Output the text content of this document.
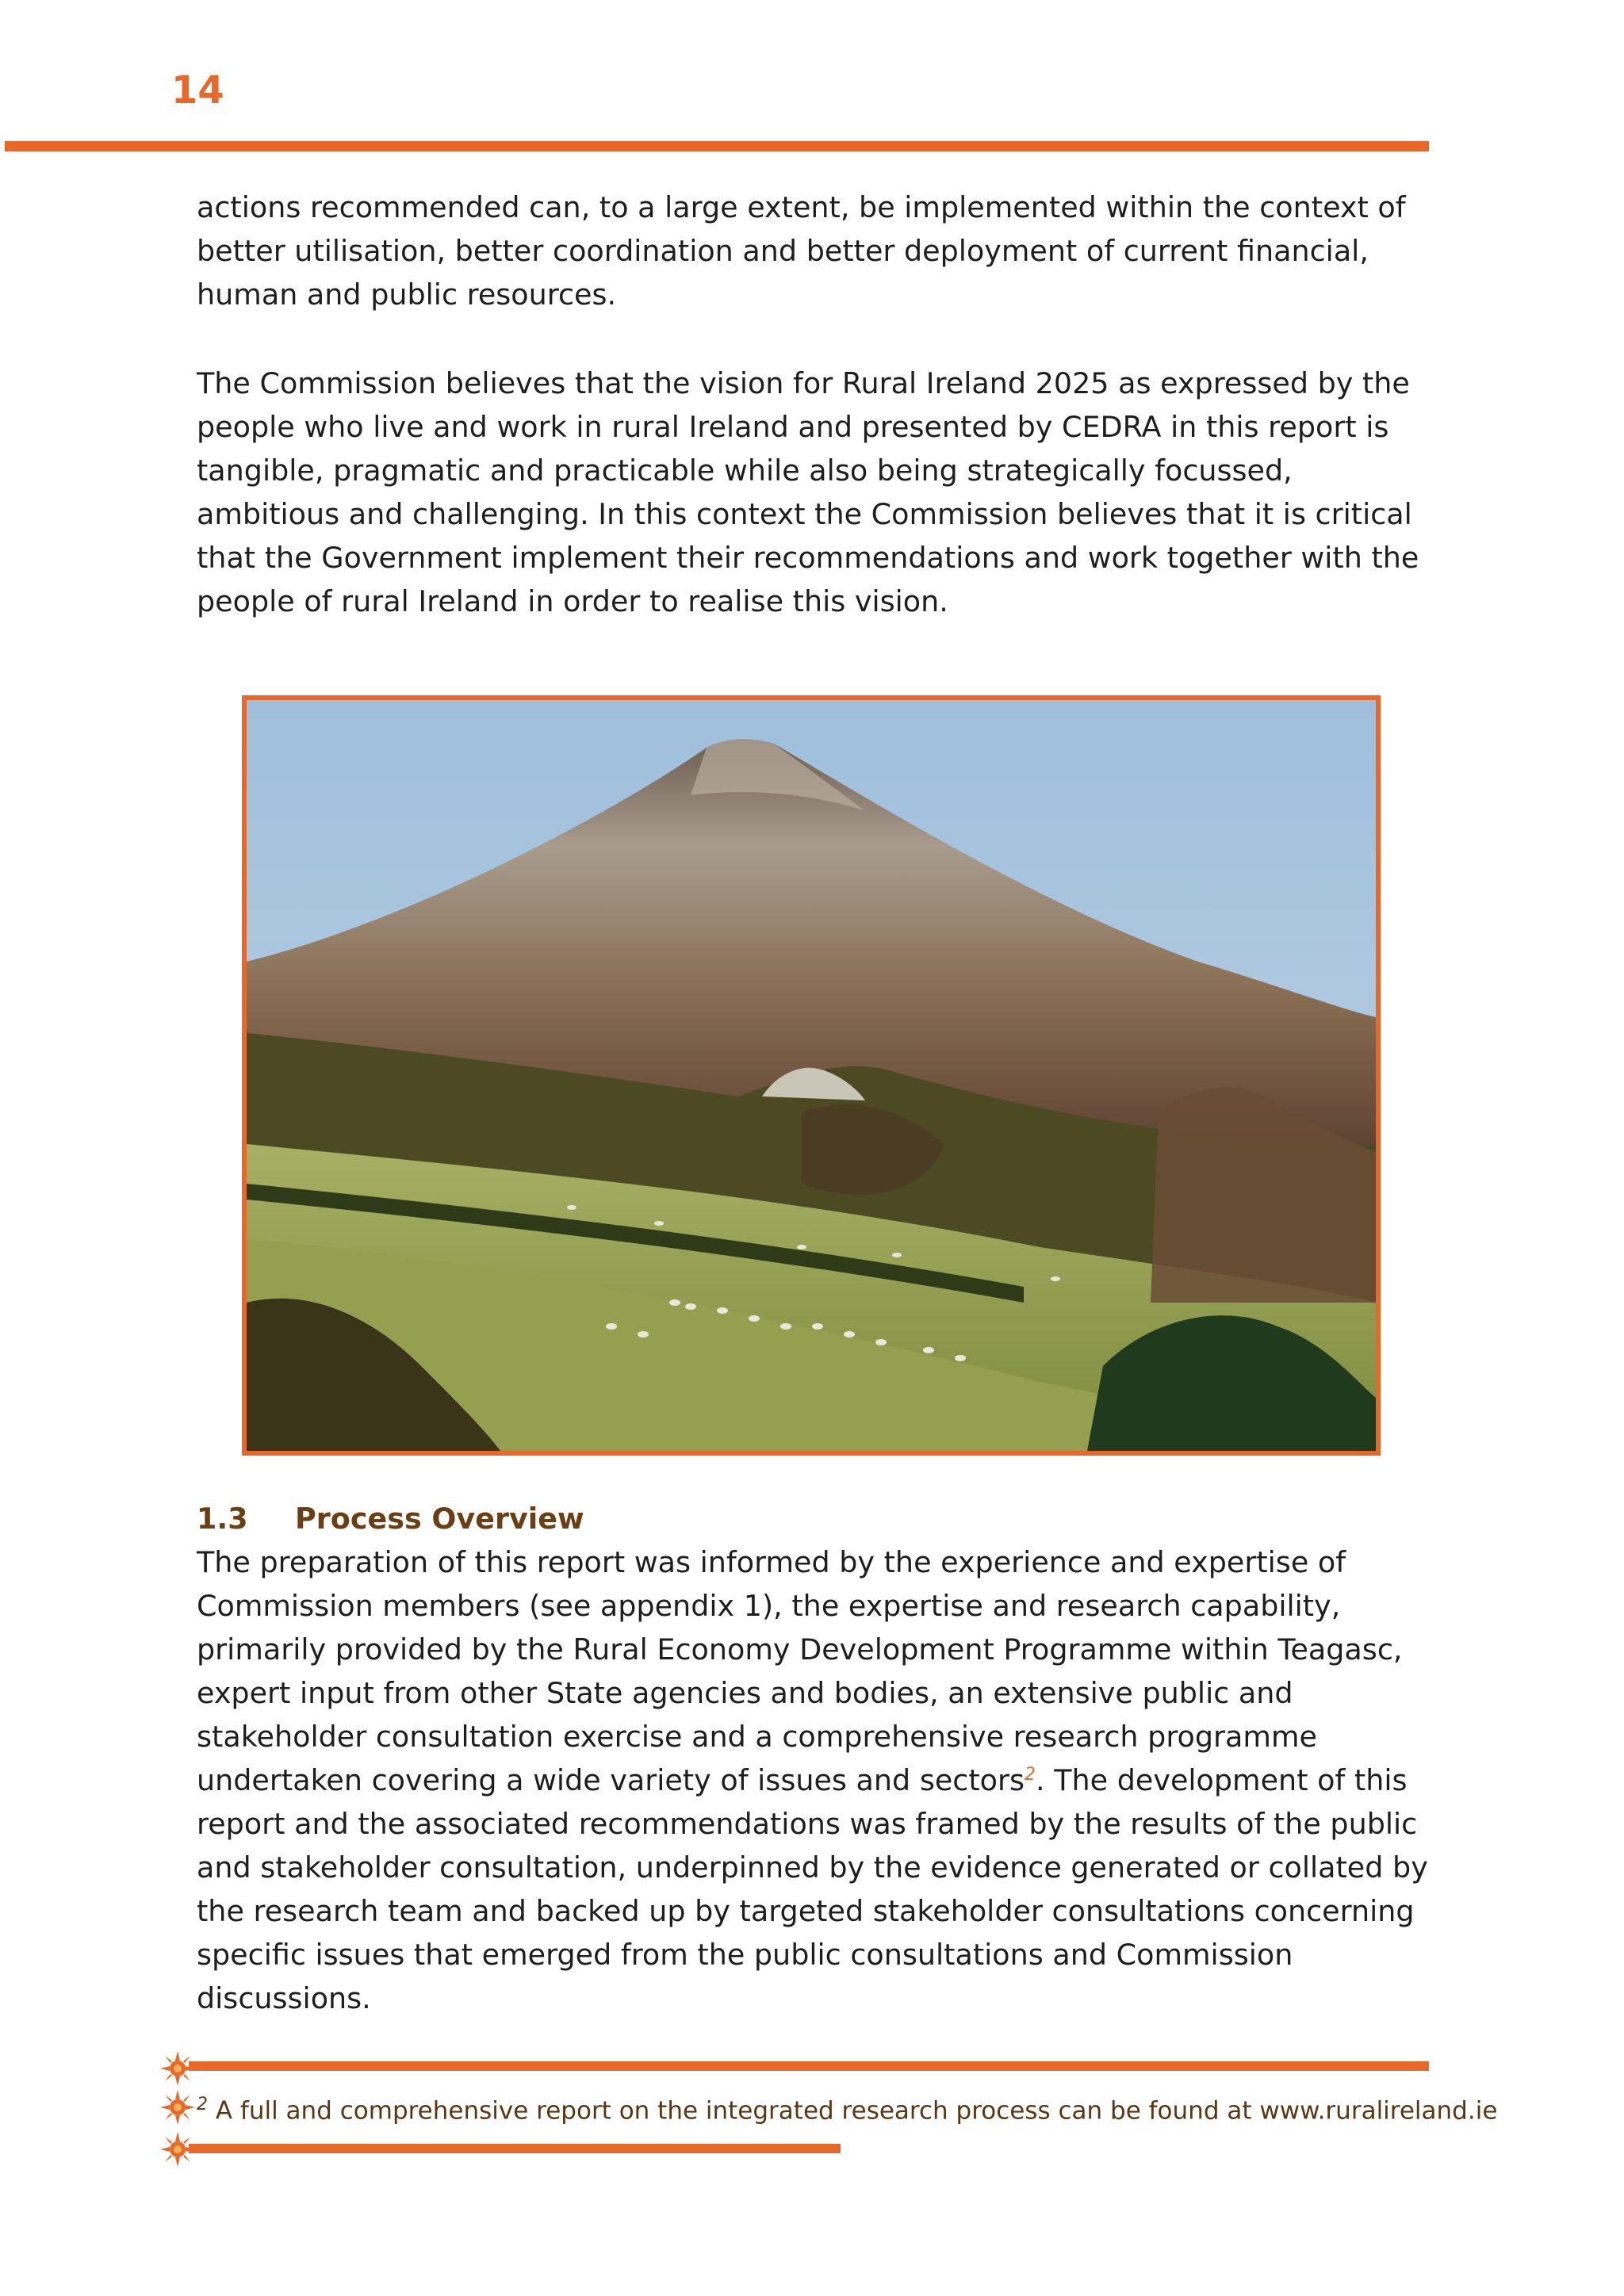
14

actions recommended can, to a large extent, be implemented within the context of better utilisation, better coordination and better deployment of current financial, human and public resources.

The Commission believes that the vision for Rural Ireland 2025 as expressed by the people who live and work in rural Ireland and presented by CEDRA in this report is tangible, pragmatic and practicable while also being strategically focussed, ambitious and challenging. In this context the Commission believes that it is critical that the Government implement their recommendations and work together with the people of rural Ireland in order to realise this vision.

1.3 Process Overview

The preparation of this report was informed by the experience and expertise of Commission members (see appendix 1), the expertise and research capability, primarily provided by the Rural Economy Development Programme within Teagasc, expert input from other State agencies and bodies, an extensive public and stakeholder consultation exercise and a comprehensive research programme undertaken covering a wide variety of issues and sectors$^2$. The development of this report and the associated recommendations was framed by the results of the public and stakeholder consultation, underpinned by the evidence generated or collated by the research team and backed up by targeted stakeholder consultations concerning specific issues that emerged from the public consultations and Commission discussions.

$^2$ A full and comprehensive report on the integrated research process can be found at www.ruralireland.ie
